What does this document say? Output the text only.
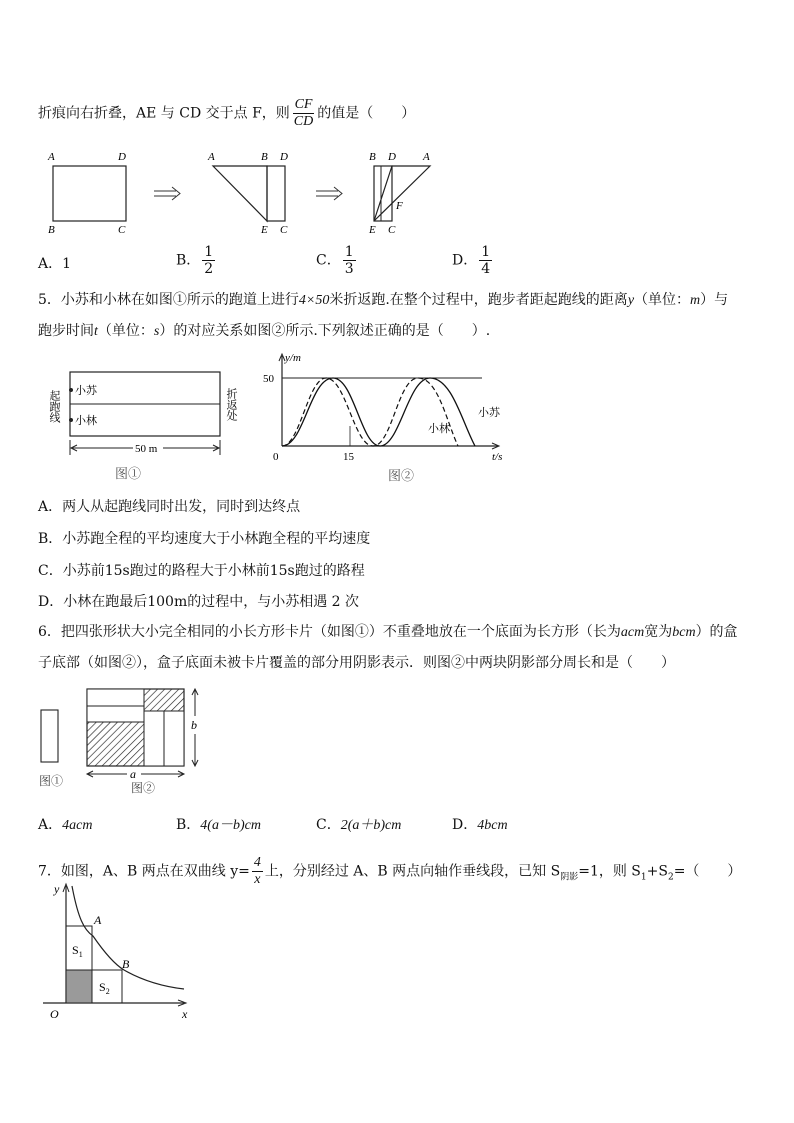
折痕向右折叠，AE 与 CD 交于点 F，则 $\frac{CF}{CD}$ 的值是（　　）
A	D
B	C
A	B D
E C
B D A
F
E C
A．1	B． $\frac{1}{2}$	C． $\frac{1}{3}$	D． $\frac{1}{4}$
5．小苏和小林在如图①所示的跑道上进行4×50米折返跑.在整个过程中，跑步者距起跑线的距离y（单位：m）与
跑步时间t（单位：s）的对应关系如图②所示.下列叙述正确的是（　　）.
小苏
小林
起跑线	折返处
50 m
图①
y/m
50
0	15	t/s
小苏
小林
图②
A．两人从起跑线同时出发，同时到达终点
B．小苏跑全程的平均速度大于小林跑全程的平均速度
C．小苏前15s跑过的路程大于小林前15s跑过的路程
D．小林在跑最后100m的过程中，与小苏相遇 2 次
6．把四张形状大小完全相同的小长方形卡片（如图①）不重叠地放在一个底面为长方形（长为acm宽为bcm）的盒
子底部（如图②），盒子底面未被卡片覆盖的部分用阴影表示．则图②中两块阴影部分周长和是（　　）
图①
b
a
图②
A．4acm	B．4(a－b)cm	C．2(a＋b)cm	D．4bcm
7．如图，A、B 两点在双曲线 $y= \frac{4}{x}$ 上，分别经过 A、B 两点向轴作垂线段，已知 $S_{阴影}=1$，则 $S_1+S_2=$（　　）
y
x
O
A
B
$S_1$
$S_2$
